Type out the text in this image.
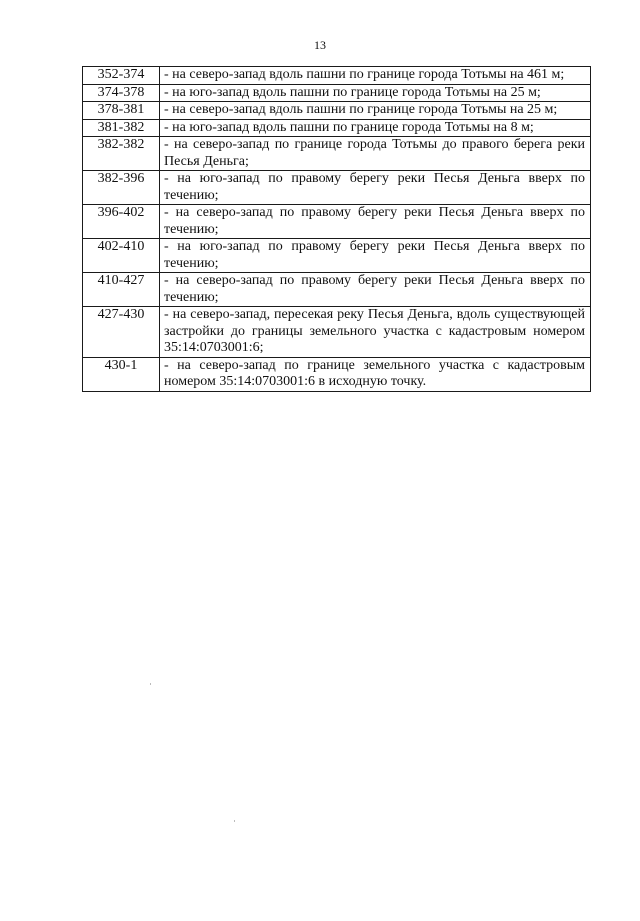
13
352-374	- на северо-запад вдоль пашни по границе города Тотьмы на 461 м;
374-378	- на юго-запад вдоль пашни по границе города Тотьмы на 25 м;
378-381	- на северо-запад вдоль пашни по границе города Тотьмы на 25 м;
381-382	- на юго-запад вдоль пашни по границе города Тотьмы на 8 м;
382-382	- на северо-запад по границе города Тотьмы до правого берега реки Песья Деньга;
382-396	- на юго-запад по правому берегу реки Песья Деньга вверх по течению;
396-402	- на северо-запад по правому берегу реки Песья Деньга вверх по течению;
402-410	- на юго-запад по правому берегу реки Песья Деньга вверх по течению;
410-427	- на северо-запад по правому берегу реки Песья Деньга вверх по течению;
427-430	- на северо-запад, пересекая реку Песья Деньга, вдоль существующей застройки до границы земельного участка с кадастровым номером 35:14:0703001:6;
430-1	- на северо-запад по границе земельного участка с кадастровым номером 35:14:0703001:6 в исходную точку.
